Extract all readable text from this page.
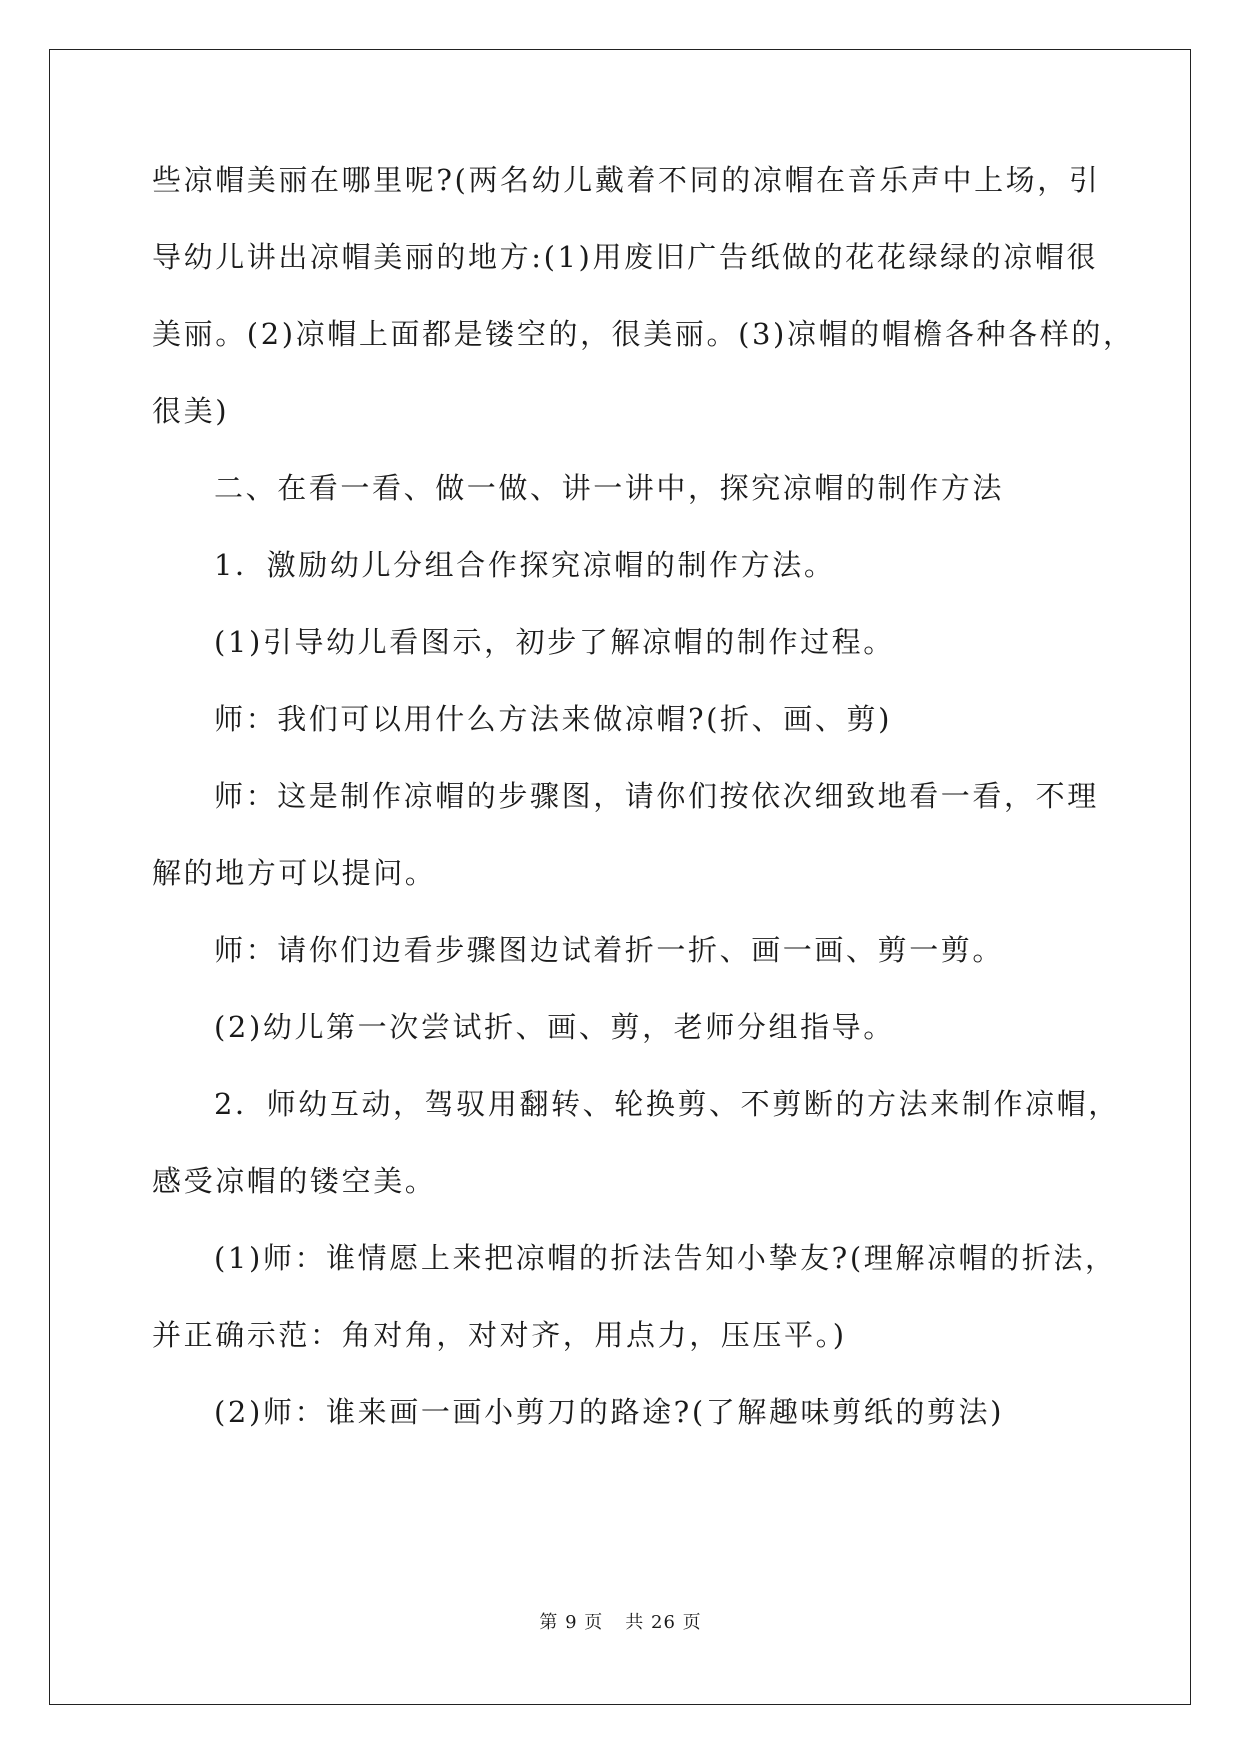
些凉帽美丽在哪里呢?(两名幼儿戴着不同的凉帽在音乐声中上场，引
导幼儿讲出凉帽美丽的地方:(1)用废旧广告纸做的花花绿绿的凉帽很
美丽。(2)凉帽上面都是镂空的，很美丽。(3)凉帽的帽檐各种各样的，
很美)
二、在看一看、做一做、讲一讲中，探究凉帽的制作方法
1．激励幼儿分组合作探究凉帽的制作方法。
(1)引导幼儿看图示，初步了解凉帽的制作过程。
师：我们可以用什么方法来做凉帽?(折、画、剪)
师：这是制作凉帽的步骤图，请你们按依次细致地看一看，不理
解的地方可以提问。
师：请你们边看步骤图边试着折一折、画一画、剪一剪。
(2)幼儿第一次尝试折、画、剪，老师分组指导。
2．师幼互动，驾驭用翻转、轮换剪、不剪断的方法来制作凉帽，
感受凉帽的镂空美。
(1)师：谁情愿上来把凉帽的折法告知小挚友?(理解凉帽的折法，
并正确示范：角对角，对对齐，用点力，压压平。)
(2)师：谁来画一画小剪刀的路途?(了解趣味剪纸的剪法)
第 9 页 共 26 页
